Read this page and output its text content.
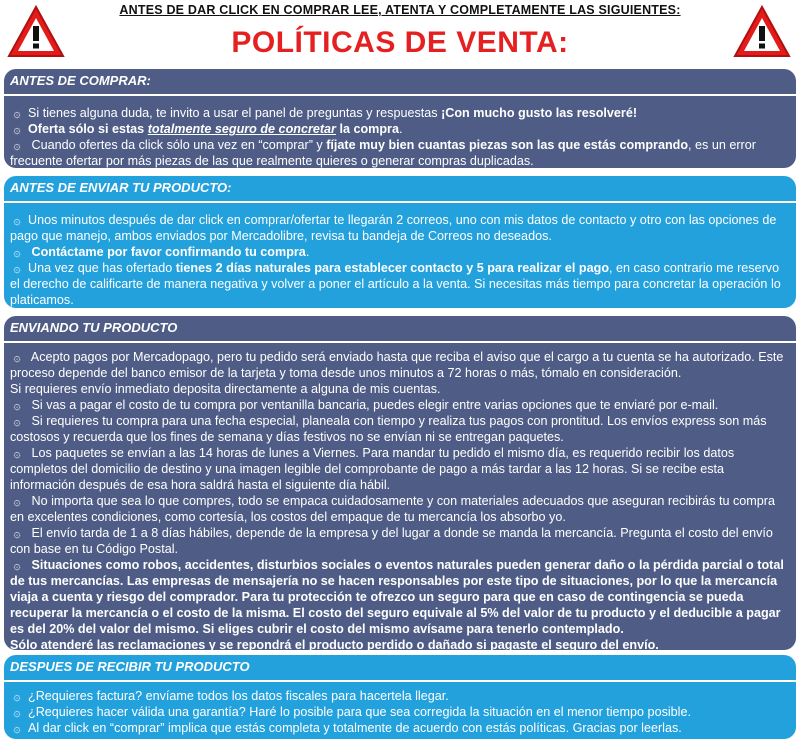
ANTES DE DAR CLICK EN COMPRAR LEE, ATENTA Y COMPLETAMENTE LAS SIGUIENTES:
POLÍTICAS DE VENTA:
ANTES DE COMPRAR:

۞ Si tienes alguna duda, te invito a usar el panel de preguntas y respuestas ¡Con mucho gusto las resolveré!

۞ Oferta sólo si estas totalmente seguro de concretar la compra.

۞ Cuando ofertes da click sólo una vez en “comprar” y fíjate muy bien cuantas piezas son las que estás comprando, es un error frecuente ofertar por más piezas de las que realmente quieres o generar compras duplicadas.

ANTES DE ENVIAR TU PRODUCTO:

۞ Unos minutos después de dar click en comprar/ofertar te llegarán 2 correos, uno con mis datos de contacto y otro con las opciones de pago que manejo, ambos enviados por Mercadolibre, revisa tu bandeja de Correos no deseados.

۞ Contáctame por favor confirmando tu compra.

۞ Una vez que has ofertado tienes 2 días naturales para establecer contacto y 5 para realizar el pago, en caso contrario me reservo el derecho de calificarte de manera negativa y volver a poner el artículo a la venta. Si necesitas más tiempo para concretar la operación lo platicamos.

ENVIANDO TU PRODUCTO

۞ Acepto pagos por Mercadopago, pero tu pedido será enviado hasta que reciba el aviso que el cargo a tu cuenta se ha autorizado. Este proceso depende del banco emisor de la tarjeta y toma desde unos minutos a 72 horas o más, tómalo en consideración.

Si requieres envío inmediato deposita directamente a alguna de mis cuentas.

۞ Si vas a pagar el costo de tu compra por ventanilla bancaria, puedes elegir entre varias opciones que te enviaré por e-mail.

۞ Si requieres tu compra para una fecha especial, planeala con tiempo y realiza tus pagos con prontitud. Los envíos express son más costosos y recuerda que los fines de semana y días festivos no se envían ni se entregan paquetes.

۞ Los paquetes se envían a las 14 horas de lunes a Viernes. Para mandar tu pedido el mismo día, es requerido recibir los datos completos del domicilio de destino y una imagen legible del comprobante de pago a más tardar a las 12 horas. Si se recibe esta información después de esa hora saldrá hasta el siguiente día hábil.

۞ No importa que sea lo que compres, todo se empaca cuidadosamente y con materiales adecuados que aseguran recibirás tu compra en excelentes condiciones, como cortesía, los costos del empaque de tu mercancía los absorbo yo.

۞ El envío tarda de 1 a 8 días hábiles, depende de la empresa y del lugar a donde se manda la mercancía. Pregunta el costo del envío con base en tu Código Postal.

۞ Situaciones como robos, accidentes, disturbios sociales o eventos naturales pueden generar daño o la pérdida parcial o total de tus mercancías. Las empresas de mensajería no se hacen responsables por este tipo de situaciones, por lo que la mercancía viaja a cuenta y riesgo del comprador. Para tu protección te ofrezco un seguro para que en caso de contingencia se pueda recuperar la mercancía o el costo de la misma. El costo del seguro equivale al 5% del valor de tu producto y el deducible a pagar es del 20% del valor del mismo. Si eliges cubrir el costo del mismo avísame para tenerlo contemplado.

Sólo atenderé las reclamaciones y se repondrá el producto perdido o dañado si pagaste el seguro del envío.

DESPUES DE RECIBIR TU PRODUCTO

۞ ¿Requieres factura? envíame todos los datos fiscales para hacertela llegar.

۞ ¿Requieres hacer válida una garantía? Haré lo posible para que sea corregida la situación en el menor tiempo posible.

۞ Al dar click en “comprar” implica que estás completa y totalmente de acuerdo con estás políticas. Gracias por leerlas.
